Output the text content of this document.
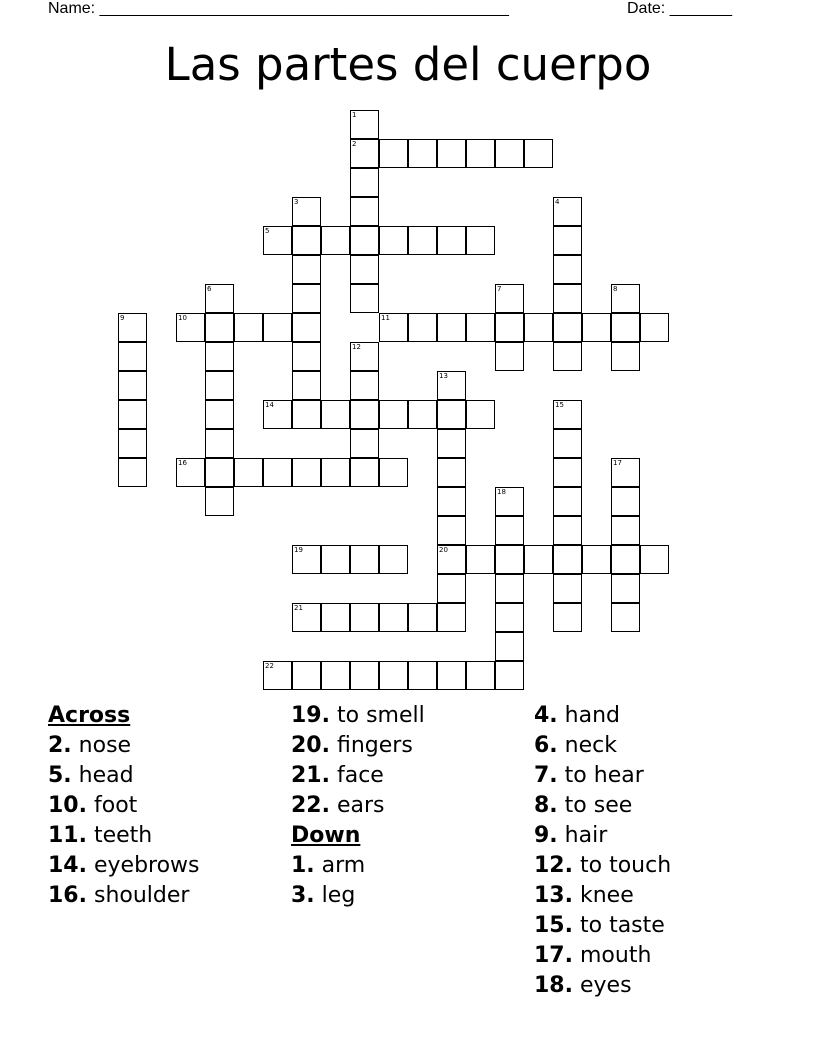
Name: ______________________________________________	Date: _______
Las partes del cuerpo
1
2
3	4
5
6	7	8
9	10	11
12
13
20
14	15
16	17
18
19
21
22
Across
2. nose
5. head
10. foot
11. teeth
14. eyebrows
16. shoulder
19. to smell
20. fingers
21. face
22. ears
Down
1. arm
3. leg
4. hand
6. neck
7. to hear
8. to see
9. hair
12. to touch
13. knee
15. to taste
17. mouth
18. eyes
